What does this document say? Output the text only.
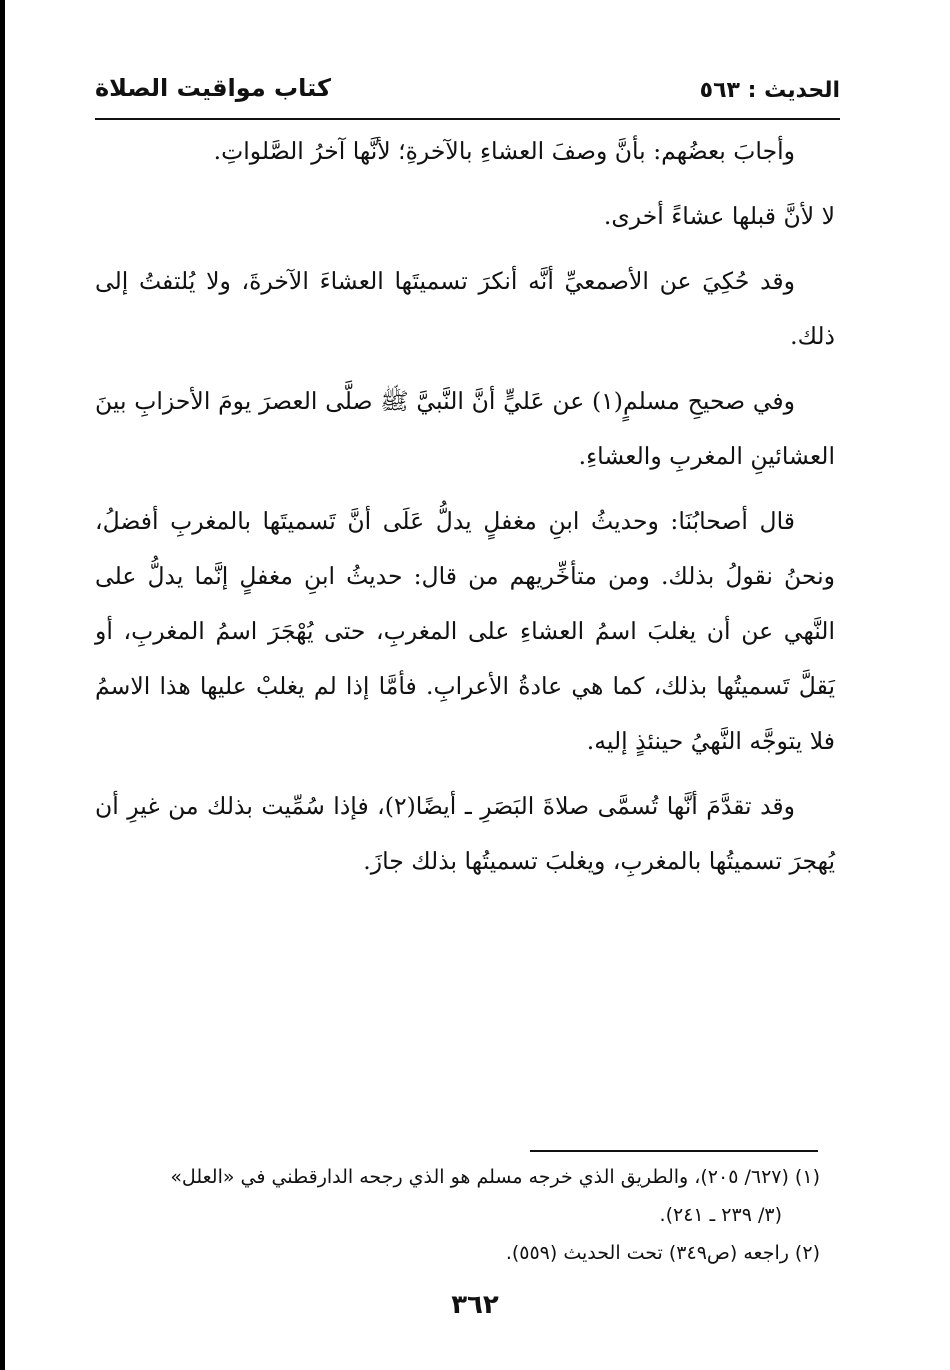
الحديث : ٥٦٣
كتاب مواقيت الصلاة

وأجابَ بعضُهم: بأنَّ وصفَ العشاءِ بالآخرةِ؛ لأنَّها آخرُ الصَّلواتِ.

لا لأنَّ قبلها عشاءً أخرى.

وقد حُكِيَ عن الأصمعيِّ أنَّه أنكرَ تسميتَها العشاءَ الآخرةَ، ولا يُلتفتُ إلى ذلك.

وفي صحيحِ مسلمٍ(١) عن عَليٍّ أنَّ النَّبيَّ ﷺ صلَّى العصرَ يومَ الأحزابِ بينَ العشائينِ المغربِ والعشاءِ.

قال أصحابُنَا: وحديثُ ابنِ مغفلٍ يدلُّ عَلَى أنَّ تَسميتَها بالمغربِ أفضلُ، ونحنُ نقولُ بذلك. ومن متأخِّريهم من قال: حديثُ ابنِ مغفلٍ إنَّما يدلُّ على النَّهي عن أن يغلبَ اسمُ العشاءِ على المغربِ، حتى يُهْجَرَ اسمُ المغربِ، أو يَقلَّ تَسميتُها بذلك، كما هي عادةُ الأعرابِ. فأمَّا إذا لم يغلبْ عليها هذا الاسمُ فلا يتوجَّه النَّهيُ حينئذٍ إليه.

وقد تقدَّمَ أنَّها تُسمَّى صلاةَ البَصَرِ ـ أيضًا(٢)، فإذا سُمِّيت بذلك من غيرِ أن يُهجرَ تسميتُها بالمغربِ، ويغلبَ تسميتُها بذلك جازَ.

(١) (٦٢٧/ ٢٠٥)، والطريق الذي خرجه مسلم هو الذي رجحه الدارقطني في «العلل»

(٣/ ٢٣٩ ـ ٢٤١).

(٢) راجعه (ص٣٤٩) تحت الحديث (٥٥٩).

٣٦٢
